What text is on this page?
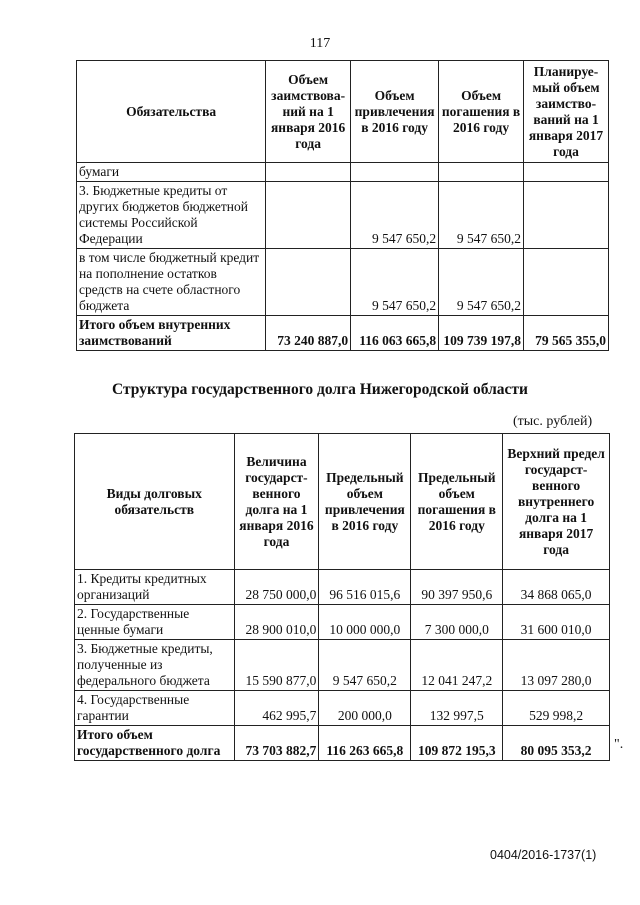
117
Обязательства	Объем заимствова-ний на 1 января 2016 года	Объем привлечения в 2016 году	Объем погашения в 2016 году	Планируе-мый объем заимство-ваний на 1 января 2017 года
бумаги				
3. Бюджетные кредиты от других бюджетов бюджетной системы Российской Федерации		9 547 650,2	9 547 650,2	
в том числе бюджетный кредит на пополнение остатков средств на счете областного бюджета		9 547 650,2	9 547 650,2	
Итого объем внутренних заимствований	73 240 887,0	116 063 665,8	109 739 197,8	79 565 355,0
Структура государственного долга Нижегородской области
(тыс. рублей)
Виды долговых обязательств	Величина государст-венного долга на 1 января 2016 года	Предельный объем привлечения в 2016 году	Предельный объем погашения в 2016 году	Верхний предел государст-венного внутреннего долга на 1 января 2017 года
1. Кредиты кредитных организаций	28 750 000,0	96 516 015,6	90 397 950,6	34 868 065,0
2. Государственные ценные бумаги	28 900 010,0	10 000 000,0	7 300 000,0	31 600 010,0
3. Бюджетные кредиты, полученные из федерального бюджета	15 590 877,0	9 547 650,2	12 041 247,2	13 097 280,0
4. Государственные гарантии	462 995,7	200 000,0	132 997,5	529 998,2
Итого объем государственного долга	73 703 882,7	116 263 665,8	109 872 195,3	80 095 353,2 ".
0404/2016-1737(1)
